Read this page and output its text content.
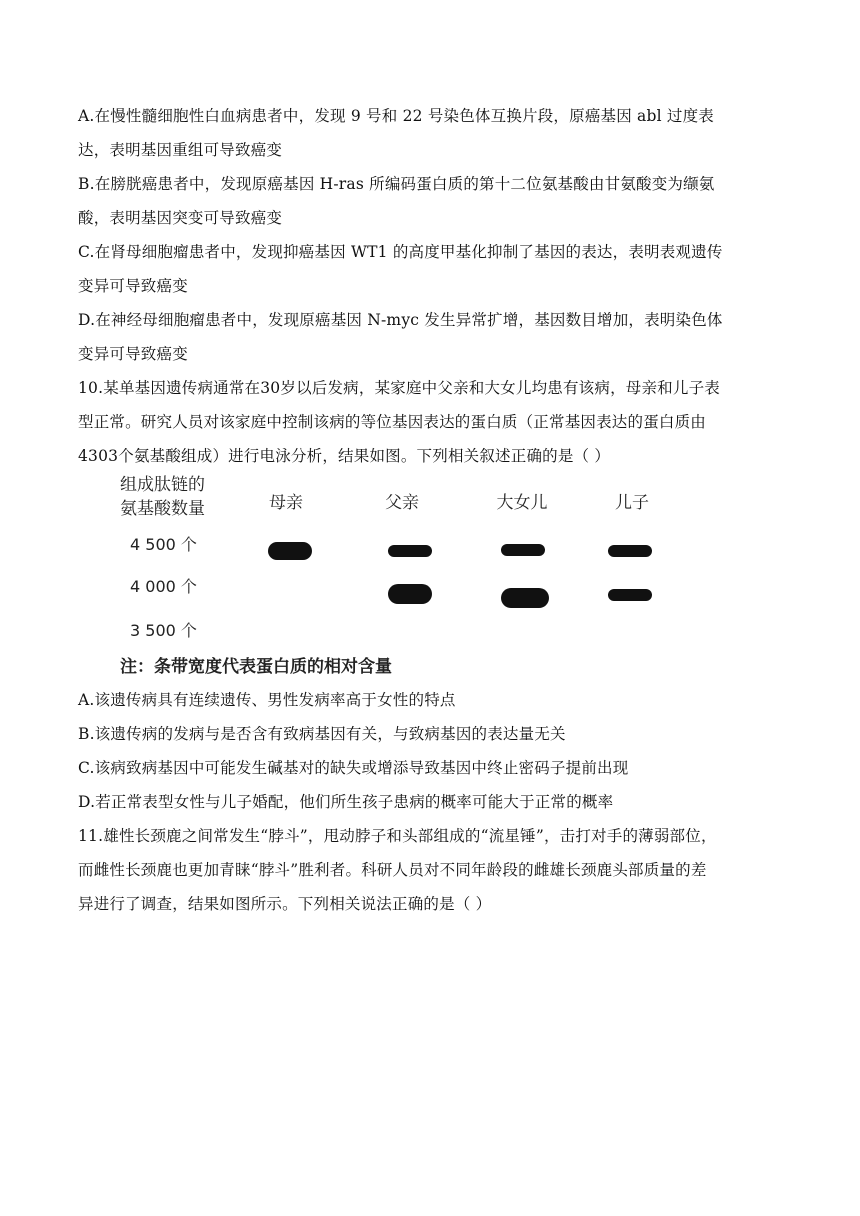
A.在慢性髓细胞性白血病患者中，发现 9 号和 22 号染色体互换片段，原癌基因 abl 过度表
达，表明基因重组可导致癌变
B.在膀胱癌患者中，发现原癌基因 H-ras 所编码蛋白质的第十二位氨基酸由甘氨酸变为缬氨
酸，表明基因突变可导致癌变
C.在肾母细胞瘤患者中，发现抑癌基因 WT1 的高度甲基化抑制了基因的表达，表明表观遗传
变异可导致癌变
D.在神经母细胞瘤患者中，发现原癌基因 N-myc 发生异常扩增，基因数目增加，表明染色体
变异可导致癌变
10.某单基因遗传病通常在30岁以后发病，某家庭中父亲和大女儿均患有该病，母亲和儿子表
型正常。研究人员对该家庭中控制该病的等位基因表达的蛋白质（正常基因表达的蛋白质由
4303个氨基酸组成）进行电泳分析，结果如图。下列相关叙述正确的是（ ）
组成肽链的
氨基酸数量
4 500 个
4 000 个
3 500 个
母亲	父亲	大女儿	儿子
注：条带宽度代表蛋白质的相对含量
A.该遗传病具有连续遗传、男性发病率高于女性的特点
B.该遗传病的发病与是否含有致病基因有关，与致病基因的表达量无关
C.该病致病基因中可能发生碱基对的缺失或增添导致基因中终止密码子提前出现
D.若正常表型女性与儿子婚配，他们所生孩子患病的概率可能大于正常的概率
11.雄性长颈鹿之间常发生“脖斗”，甩动脖子和头部组成的“流星锤”，击打对手的薄弱部位，
而雌性长颈鹿也更加青睐“脖斗”胜利者。科研人员对不同年龄段的雌雄长颈鹿头部质量的差
异进行了调查，结果如图所示。下列相关说法正确的是（ ）
